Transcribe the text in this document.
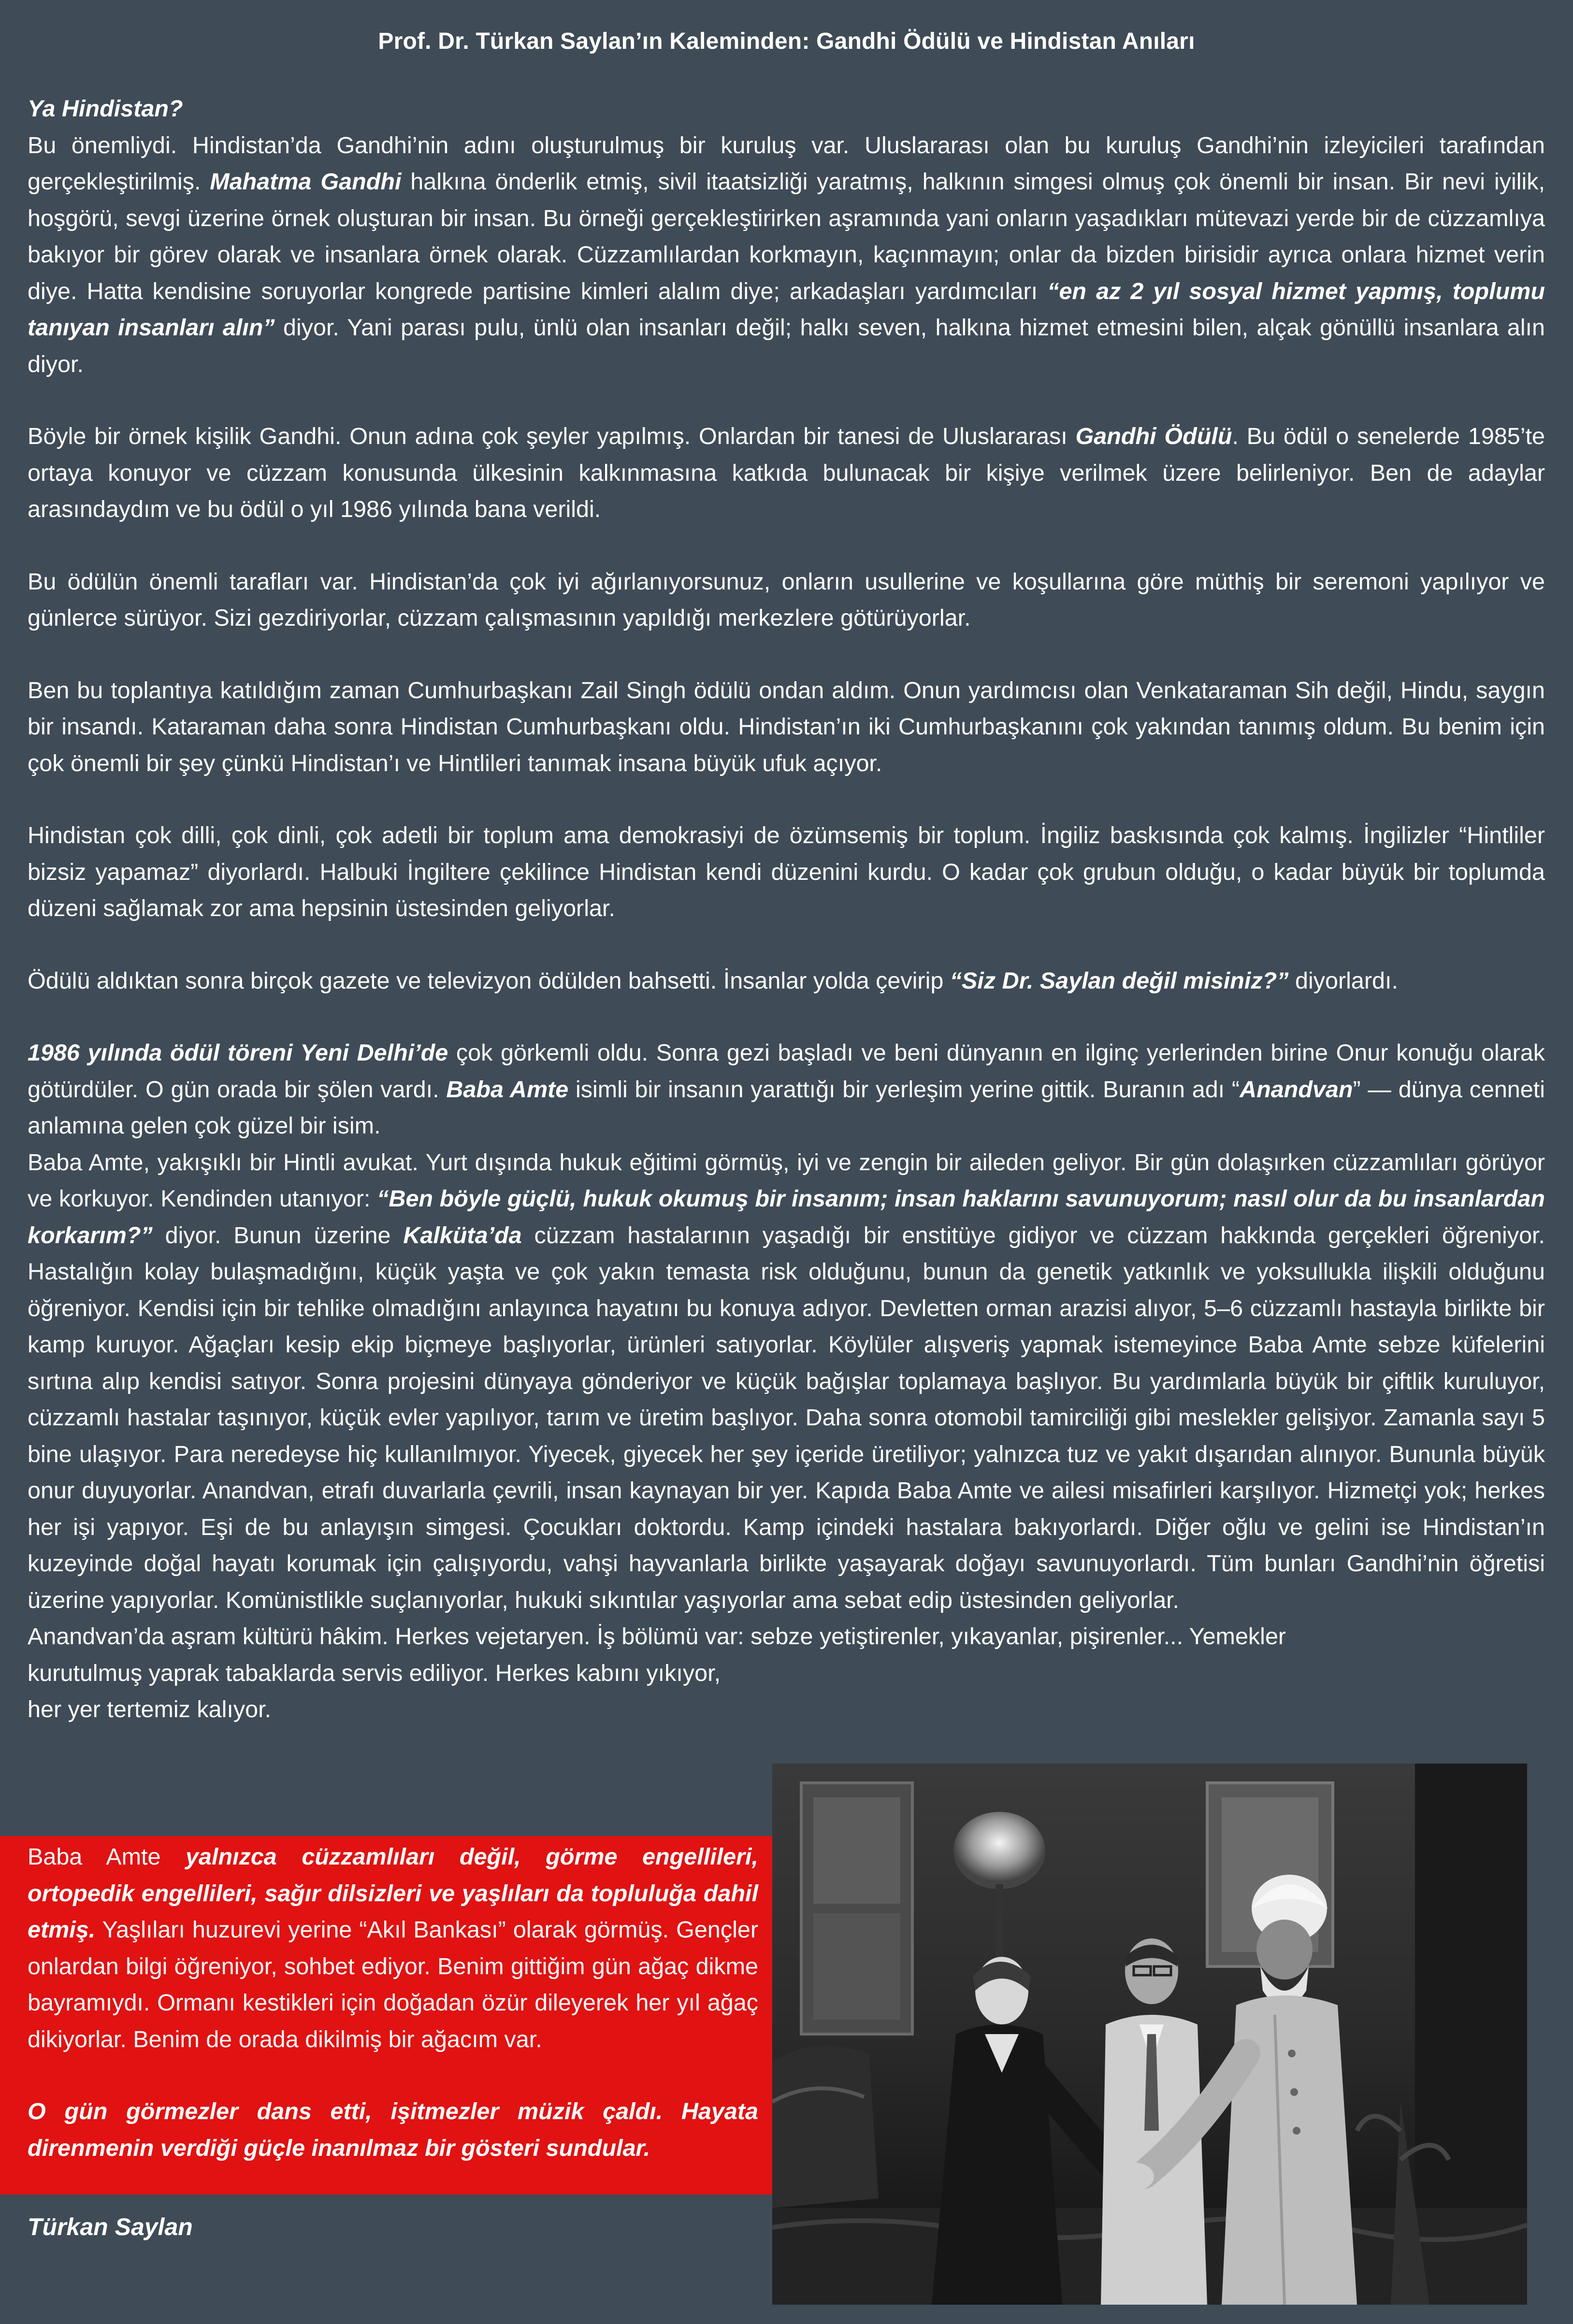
Prof. Dr. Türkan Saylan’ın Kaleminden: Gandhi Ödülü ve Hindistan Anıları

Ya Hindistan?
Bu önemliydi. Hindistan’da Gandhi’nin adını oluşturulmuş bir kuruluş var. Uluslararası olan bu kuruluş Gandhi’nin izleyicileri tarafından gerçekleştirilmiş. Mahatma Gandhi halkına önderlik etmiş, sivil itaatsizliği yaratmış, halkının simgesi olmuş çok önemli bir insan. Bir nevi iyilik, hoşgörü, sevgi üzerine örnek oluşturan bir insan. Bu örneği gerçekleştirirken aşramında yani onların yaşadıkları mütevazi yerde bir de cüzzamlıya bakıyor bir görev olarak ve insanlara örnek olarak. Cüzzamlılardan korkmayın, kaçınmayın; onlar da bizden birisidir ayrıca onlara hizmet verin diye. Hatta kendisine soruyorlar kongrede partisine kimleri alalım diye; arkadaşları yardımcıları “en az 2 yıl sosyal hizmet yapmış, toplumu tanıyan insanları alın” diyor. Yani parası pulu, ünlü olan insanları değil; halkı seven, halkına hizmet etmesini bilen, alçak gönüllü insanlara alın diyor.

Böyle bir örnek kişilik Gandhi. Onun adına çok şeyler yapılmış. Onlardan bir tanesi de Uluslararası Gandhi Ödülü. Bu ödül o senelerde 1985’te ortaya konuyor ve cüzzam konusunda ülkesinin kalkınmasına katkıda bulunacak bir kişiye verilmek üzere belirleniyor. Ben de adaylar arasındaydım ve bu ödül o yıl 1986 yılında bana verildi.

Bu ödülün önemli tarafları var. Hindistan’da çok iyi ağırlanıyorsunuz, onların usullerine ve koşullarına göre müthiş bir seremoni yapılıyor ve günlerce sürüyor. Sizi gezdiriyorlar, cüzzam çalışmasının yapıldığı merkezlere götürüyorlar.

Ben bu toplantıya katıldığım zaman Cumhurbaşkanı Zail Singh ödülü ondan aldım. Onun yardımcısı olan Venkataraman Sih değil, Hindu, saygın bir insandı. Kataraman daha sonra Hindistan Cumhurbaşkanı oldu. Hindistan’ın iki Cumhurbaşkanını çok yakından tanımış oldum. Bu benim için çok önemli bir şey çünkü Hindistan’ı ve Hintlileri tanımak insana büyük ufuk açıyor.

Hindistan çok dilli, çok dinli, çok adetli bir toplum ama demokrasiyi de özümsemiş bir toplum. İngiliz baskısında çok kalmış. İngilizler “Hintliler bizsiz yapamaz” diyorlardı. Halbuki İngiltere çekilince Hindistan kendi düzenini kurdu. O kadar çok grubun olduğu, o kadar büyük bir toplumda düzeni sağlamak zor ama hepsinin üstesinden geliyorlar.

Ödülü aldıktan sonra birçok gazete ve televizyon ödülden bahsetti. İnsanlar yolda çevirip “Siz Dr. Saylan değil misiniz?” diyorlardı.

1986 yılında ödül töreni Yeni Delhi’de çok görkemli oldu. Sonra gezi başladı ve beni dünyanın en ilginç yerlerinden birine Onur konuğu olarak götürdüler. O gün orada bir şölen vardı. Baba Amte isimli bir insanın yarattığı bir yerleşim yerine gittik. Buranın adı “Anandvan” — dünya cenneti anlamına gelen çok güzel bir isim.

Baba Amte, yakışıklı bir Hintli avukat. Yurt dışında hukuk eğitimi görmüş, iyi ve zengin bir aileden geliyor. Bir gün dolaşırken cüzzamlıları görüyor ve korkuyor. Kendinden utanıyor: “Ben böyle güçlü, hukuk okumuş bir insanım; insan haklarını savunuyorum; nasıl olur da bu insanlardan korkarım?” diyor. Bunun üzerine Kalküta’da cüzzam hastalarının yaşadığı bir enstitüye gidiyor ve cüzzam hakkında gerçekleri öğreniyor. Hastalığın kolay bulaşmadığını, küçük yaşta ve çok yakın temasta risk olduğunu, bunun da genetik yatkınlık ve yoksullukla ilişkili olduğunu öğreniyor. Kendisi için bir tehlike olmadığını anlayınca hayatını bu konuya adıyor. Devletten orman arazisi alıyor, 5–6 cüzzamlı hastayla birlikte bir kamp kuruyor. Ağaçları kesip ekip biçmeye başlıyorlar, ürünleri satıyorlar. Köylüler alışveriş yapmak istemeyince Baba Amte sebze küfelerini sırtına alıp kendisi satıyor. Sonra projesini dünyaya gönderiyor ve küçük bağışlar toplamaya başlıyor. Bu yardımlarla büyük bir çiftlik kuruluyor, cüzzamlı hastalar taşınıyor, küçük evler yapılıyor, tarım ve üretim başlıyor. Daha sonra otomobil tamirciliği gibi meslekler gelişiyor. Zamanla sayı 5 bine ulaşıyor. Para neredeyse hiç kullanılmıyor. Yiyecek, giyecek her şey içeride üretiliyor; yalnızca tuz ve yakıt dışarıdan alınıyor. Bununla büyük onur duyuyorlar. Anandvan, etrafı duvarlarla çevrili, insan kaynayan bir yer. Kapıda Baba Amte ve ailesi misafirleri karşılıyor. Hizmetçi yok; herkes her işi yapıyor. Eşi de bu anlayışın simgesi. Çocukları doktordu. Kamp içindeki hastalara bakıyorlardı. Diğer oğlu ve gelini ise Hindistan’ın kuzeyinde doğal hayatı korumak için çalışıyordu, vahşi hayvanlarla birlikte yaşayarak doğayı savunuyorlardı. Tüm bunları Gandhi’nin öğretisi üzerine yapıyorlar. Komünistlikle suçlanıyorlar, hukuki sıkıntılar yaşıyorlar ama sebat edip üstesinden geliyorlar.

Anandvan’da aşram kültürü hâkim. Herkes vejetaryen. İş bölümü var: sebze yetiştirenler, yıkayanlar, pişirenler... Yemekler

kurutulmuş yaprak tabaklarda servis ediliyor. Herkes kabını yıkıyor, her yer tertemiz kalıyor.

Baba Amte yalnızca cüzzamlıları değil, görme engellileri, ortopedik engellileri, sağır dilsizleri ve yaşlıları da topluluğa dahil etmiş. Yaşlıları huzurevi yerine “Akıl Bankası” olarak görmüş. Gençler onlardan bilgi öğreniyor, sohbet ediyor. Benim gittiğim gün ağaç dikme bayramıydı. Ormanı kestikleri için doğadan özür dileyerek her yıl ağaç dikiyorlar. Benim de orada dikilmiş bir ağacım var.

O gün görmezler dans etti, işitmezler müzik çaldı. Hayata direnmenin verdiği güçle inanılmaz bir gösteri sundular.

Türkan Saylan
